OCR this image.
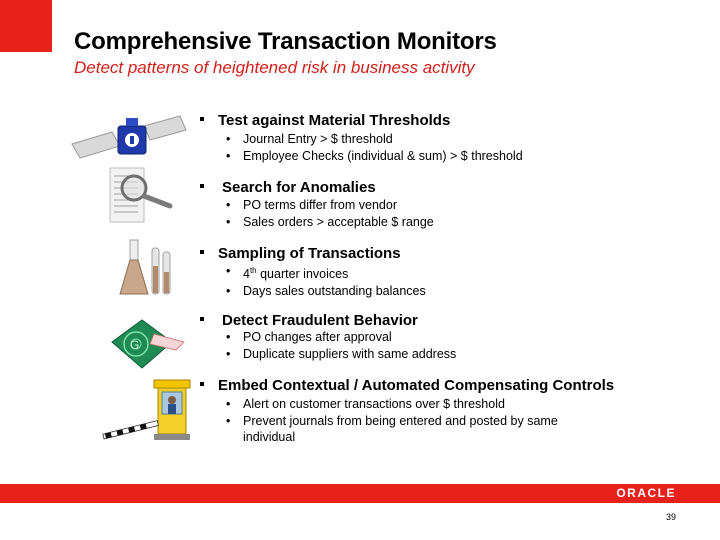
Comprehensive Transaction Monitors

Detect patterns of heightened risk in business activity

Test against Material Thresholds
• Journal Entry > $ threshold
• Employee Checks (individual & sum) > $ threshold
Search for Anomalies
• PO terms differ from vendor
• Sales orders > acceptable $ range
Sampling of Transactions
• 4th quarter invoices
• Days sales outstanding balances
G
Detect Fraudulent Behavior
• PO changes after approval
• Duplicate suppliers with same address
Embed Contextual / Automated Compensating Controls
• Alert on customer transactions over $ threshold
• Prevent journals from being entered and posted by same individual
ORACLE
39
